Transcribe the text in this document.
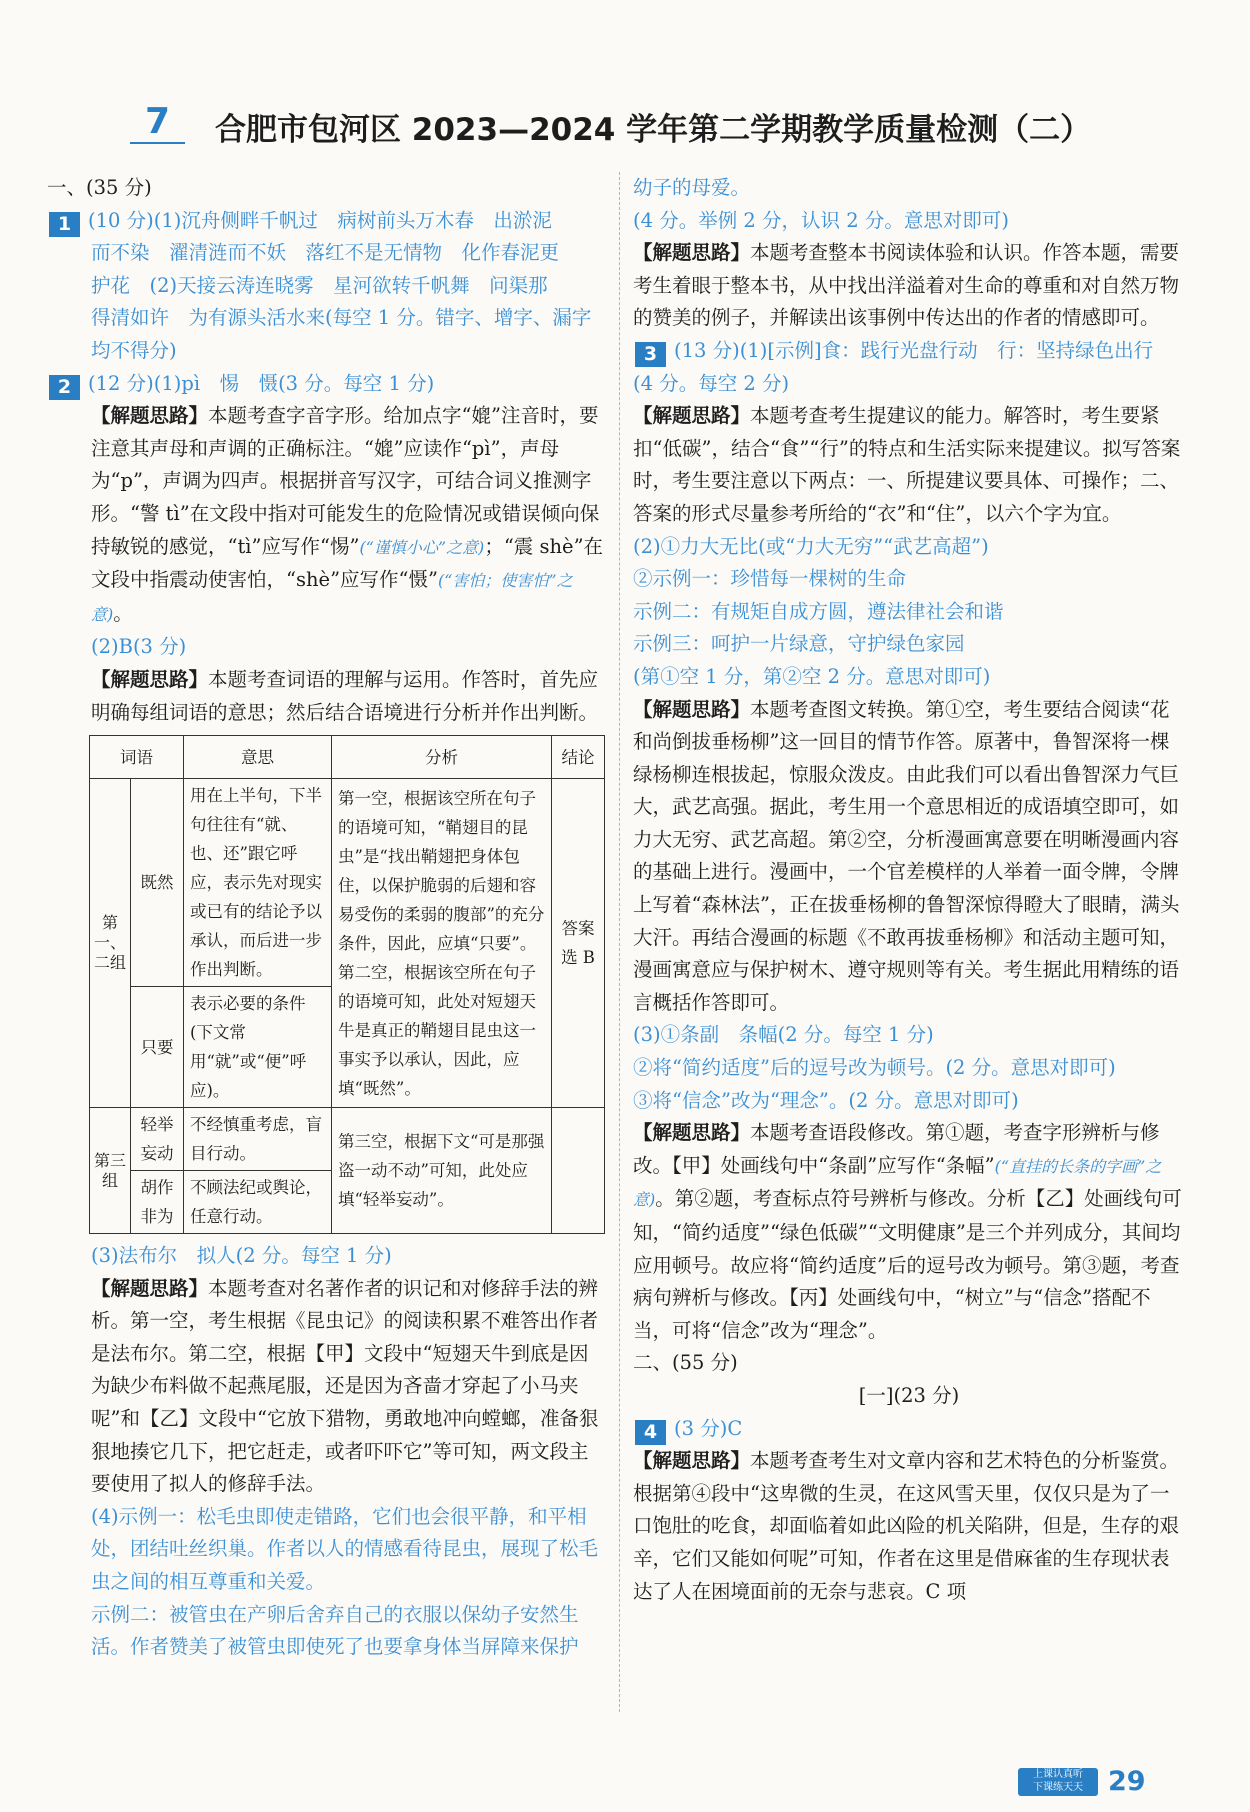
7	合肥市包河区 2023—2024 学年第二学期教学质量检测（二）

一、(35 分)

1 (10 分)(1)沉舟侧畔千帆过　病树前头万木春　出淤泥

而不染　濯清涟而不妖　落红不是无情物　化作春泥更

护花　(2)天接云涛连晓雾　星河欲转千帆舞　问渠那

得清如许　为有源头活水来(每空 1 分。错字、增字、漏字

均不得分)

2 (12 分)(1)pì　惕　慑(3 分。每空 1 分)

【解题思路】本题考查字音字形。给加点字“媲”注音时，要注意其声母和声调的正确标注。“媲”应读作“pì”，声母为“p”，声调为四声。根据拼音写汉字，可结合词义推测字形。“警 tì”在文段中指对可能发生的危险情况或错误倾向保持敏锐的感觉，“tì”应写作“惕”(“谨慎小心”之意)；“震 shè”在文段中指震动使害怕，“shè”应写作“慑”(“害怕；使害怕”之意)。

(2)B(3 分)

【解题思路】本题考查词语的理解与运用。作答时，首先应明确每组词语的意思；然后结合语境进行分析并作出判断。

词语		意思	分析	结论
第一、二组	既然	用在上半句，下半句往往有“就、也、还”跟它呼应，表示先对现实或已有的结论予以承认，而后进一步作出判断。	第一空，根据该空所在句子的语境可知，“鞘翅目的昆虫”是“找出鞘翅把身体包住，以保护脆弱的后翅和容易受伤的柔弱的腹部”的充分条件，因此，应填“只要”。第二空，根据该空所在句子的语境可知，此处对短翅天牛是真正的鞘翅目昆虫这一事实予以承认，因此，应填“既然”。	答案选 B
	只要	表示必要的条件(下文常用“就”或“便”呼应)。		
第三组	轻举妄动	不经慎重考虑，盲目行动。	第三空，根据下文“可是那强盗一动不动”可知，此处应填“轻举妄动”。	
	胡作非为	不顾法纪或舆论，任意行动。		

(3)法布尔　拟人(2 分。每空 1 分)

【解题思路】本题考查对名著作者的识记和对修辞手法的辨析。第一空，考生根据《昆虫记》的阅读积累不难答出作者是法布尔。第二空，根据【甲】文段中“短翅天牛到底是因为缺少布料做不起燕尾服，还是因为吝啬才穿起了小马夹呢”和【乙】文段中“它放下猎物，勇敢地冲向螳螂，准备狠狠地揍它几下，把它赶走，或者吓吓它”等可知，两文段主要使用了拟人的修辞手法。

(4)示例一：松毛虫即使走错路，它们也会很平静，和平相处，团结吐丝织巢。作者以人的情感看待昆虫，展现了松毛虫之间的相互尊重和关爱。

示例二：被管虫在产卵后舍弃自己的衣服以保幼子安然生活。作者赞美了被管虫即使死了也要拿身体当屏障来保护

幼子的母爱。

(4 分。举例 2 分，认识 2 分。意思对即可)

【解题思路】本题考查整本书阅读体验和认识。作答本题，需要考生着眼于整本书，从中找出洋溢着对生命的尊重和对自然万物的赞美的例子，并解读出该事例中传达出的作者的情感即可。

3 (13 分)(1)[示例]食：践行光盘行动　行：坚持绿色出行

(4 分。每空 2 分)

【解题思路】本题考查考生提建议的能力。解答时，考生要紧扣“低碳”，结合“食”“行”的特点和生活实际来提建议。拟写答案时，考生要注意以下两点：一、所提建议要具体、可操作；二、答案的形式尽量参考所给的“衣”和“住”，以六个字为宜。

(2)①力大无比(或“力大无穷”“武艺高超”)

②示例一：珍惜每一棵树的生命

示例二：有规矩自成方圆，遵法律社会和谐

示例三：呵护一片绿意，守护绿色家园

(第①空 1 分，第②空 2 分。意思对即可)

【解题思路】本题考查图文转换。第①空，考生要结合阅读“花和尚倒拔垂杨柳”这一回目的情节作答。原著中，鲁智深将一棵绿杨柳连根拔起，惊服众泼皮。由此我们可以看出鲁智深力气巨大，武艺高强。据此，考生用一个意思相近的成语填空即可，如力大无穷、武艺高超。第②空，分析漫画寓意要在明晰漫画内容的基础上进行。漫画中，一个官差模样的人举着一面令牌，令牌上写着“森林法”，正在拔垂杨柳的鲁智深惊得瞪大了眼睛，满头大汗。再结合漫画的标题《不敢再拔垂杨柳》和活动主题可知，漫画寓意应与保护树木、遵守规则等有关。考生据此用精练的语言概括作答即可。

(3)①条副　条幅(2 分。每空 1 分)

②将“简约适度”后的逗号改为顿号。(2 分。意思对即可)

③将“信念”改为“理念”。(2 分。意思对即可)

【解题思路】本题考查语段修改。第①题，考查字形辨析与修改。【甲】处画线句中“条副”应写作“条幅”(“直挂的长条的字画”之意)。第②题，考查标点符号辨析与修改。分析【乙】处画线句可知，“简约适度”“绿色低碳”“文明健康”是三个并列成分，其间均应用顿号。故应将“简约适度”后的逗号改为顿号。第③题，考查病句辨析与修改。【丙】处画线句中，“树立”与“信念”搭配不当，可将“信念”改为“理念”。

二、(55 分)

[一](23 分)

4 (3 分)C

【解题思路】本题考查考生对文章内容和艺术特色的分析鉴赏。根据第④段中“这卑微的生灵，在这风雪天里，仅仅只是为了一口饱肚的吃食，却面临着如此凶险的机关陷阱，但是，生存的艰辛，它们又能如何呢”可知，作者在这里是借麻雀的生存现状表达了人在困境面前的无奈与悲哀。C 项

上课认真听
下课练天天 29
